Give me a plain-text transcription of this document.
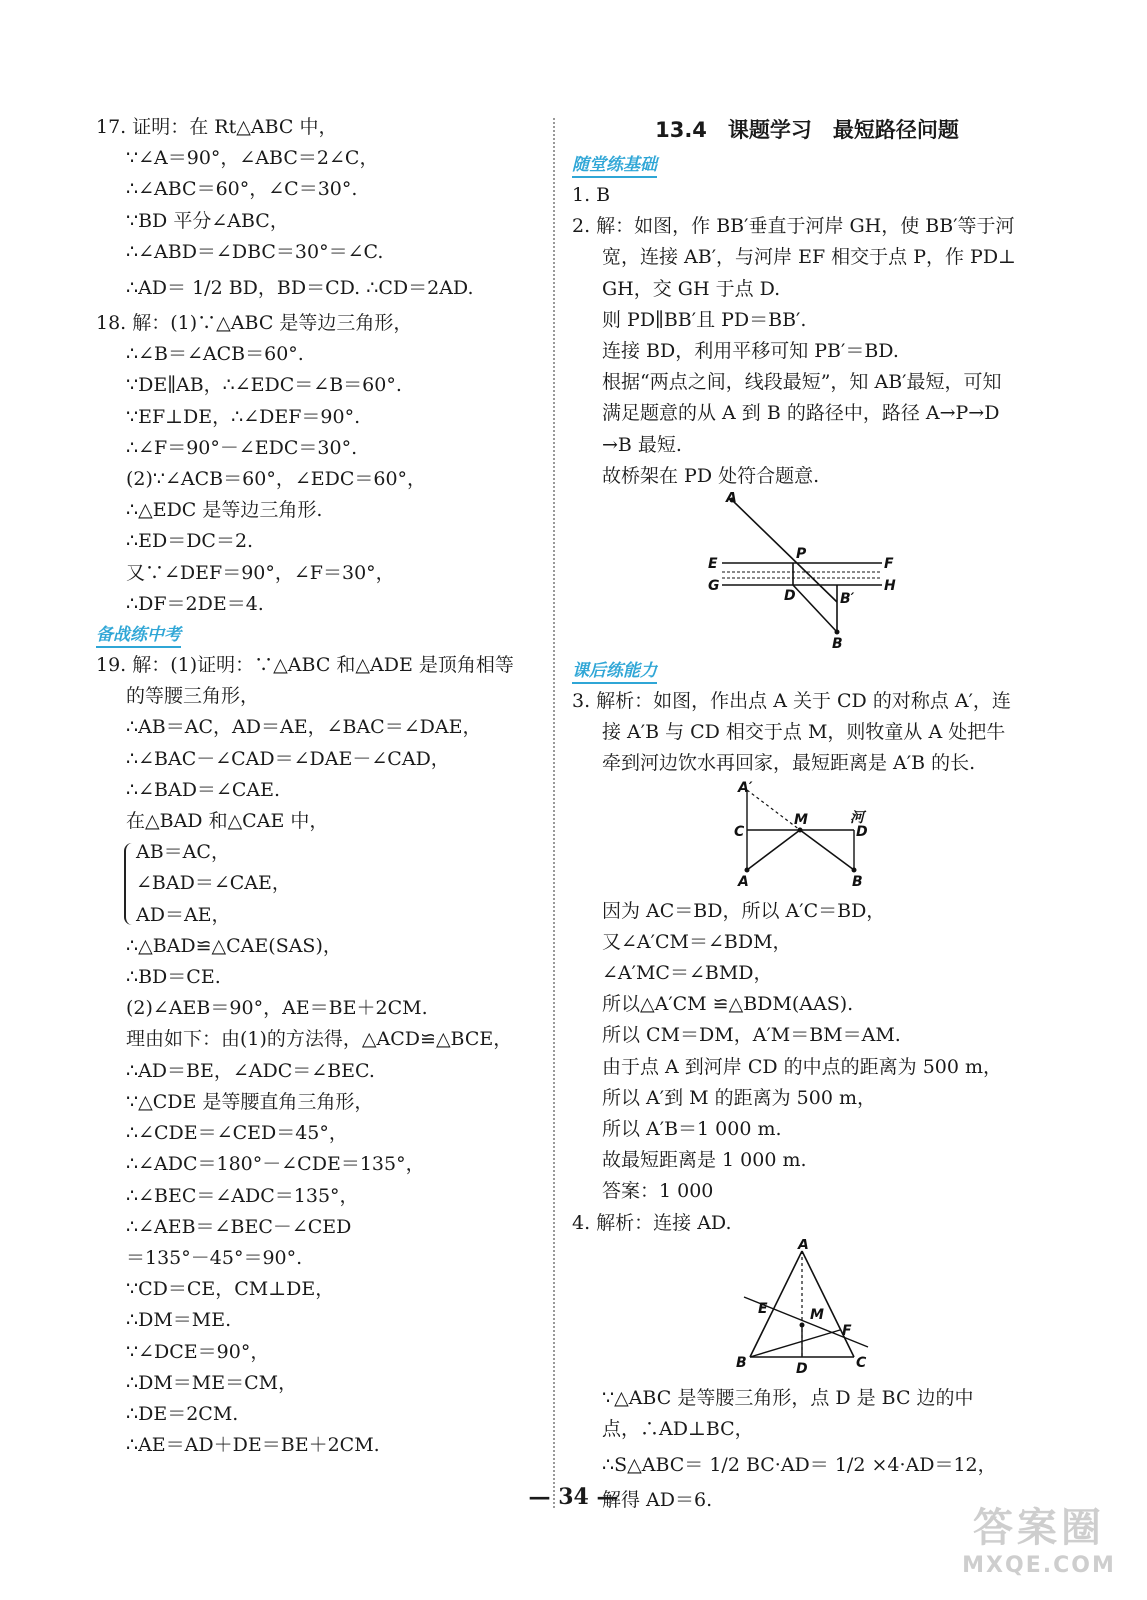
17. 证明：在 Rt△ABC 中，
∵∠A＝90°，∠ABC＝2∠C，
∴∠ABC＝60°，∠C＝30°.
∵BD 平分∠ABC，
∴∠ABD＝∠DBC＝30°＝∠C.
∴AD＝ 1/2 BD，BD＝CD. ∴CD＝2AD.
18. 解：(1)∵△ABC 是等边三角形，
∴∠B＝∠ACB＝60°.
∵DE∥AB，∴∠EDC＝∠B＝60°.
∵EF⊥DE，∴∠DEF＝90°.
∴∠F＝90°－∠EDC＝30°.
(2)∵∠ACB＝60°，∠EDC＝60°，
∴△EDC 是等边三角形.
∴ED＝DC＝2.
又∵∠DEF＝90°，∠F＝30°，
∴DF＝2DE＝4.
备战练中考
19. 解：(1)证明：∵△ABC 和△ADE 是顶角相等
的等腰三角形，
∴AB＝AC，AD＝AE，∠BAC＝∠DAE，
∴∠BAC－∠CAD＝∠DAE－∠CAD，
∴∠BAD＝∠CAE.
在△BAD 和△CAE 中，
AB＝AC，
∠BAD＝∠CAE，
AD＝AE，
∴△BAD≌△CAE(SAS)，
∴BD＝CE.
(2)∠AEB＝90°，AE＝BE＋2CM.
理由如下：由(1)的方法得，△ACD≌△BCE，
∴AD＝BE，∠ADC＝∠BEC.
∵△CDE 是等腰直角三角形，
∴∠CDE＝∠CED＝45°，
∴∠ADC＝180°－∠CDE＝135°，
∴∠BEC＝∠ADC＝135°，
∴∠AEB＝∠BEC－∠CED
＝135°－45°＝90°.
∵CD＝CE，CM⊥DE，
∴DM＝ME.
∵∠DCE＝90°，
∴DM＝ME＝CM，
∴DE＝2CM.
∴AE＝AD＋DE＝BE＋2CM.
13.4　课题学习　最短路径问题
随堂练基础
1. B
2. 解：如图，作 BB′垂直于河岸 GH，使 BB′等于河
宽，连接 AB′，与河岸 EF 相交于点 P，作 PD⊥
GH，交 GH 于点 D.
则 PD∥BB′且 PD＝BB′.
连接 BD，利用平移可知 PB′＝BD.
根据“两点之间，线段最短”，知 AB′最短，可知
满足题意的从 A 到 B 的路径中，路径 A→P→D
→B 最短.
故桥架在 PD 处符合题意.
A
P
E	F
G
D	B′
H
B
课后练能力
3. 解析：如图，作出点 A 关于 CD 的对称点 A′，连
接 A′B 与 CD 相交于点 M，则牧童从 A 处把牛
牵到河边饮水再回家，最短距离是 A′B 的长.
A′
M	河
C	D
A	B
因为 AC＝BD，所以 A′C＝BD，
又∠A′CM＝∠BDM，
∠A′MC＝∠BMD，
所以△A′CM ≌△BDM(AAS).
所以 CM＝DM，A′M＝BM＝AM.
由于点 A 到河岸 CD 的中点的距离为 500 m，
所以 A′到 M 的距离为 500 m，
所以 A′B＝1 000 m.
故最短距离是 1 000 m.
答案：1 000
4. 解析：连接 AD.
A
E	M
F
B	D	C
∵△ABC 是等腰三角形，点 D 是 BC 边的中
点，∴AD⊥BC，
∴S△ABC＝ 1/2 BC·AD＝ 1/2 ×4·AD＝12，
解得 AD＝6.
— 34 —
答案圈
MXQE.COM
